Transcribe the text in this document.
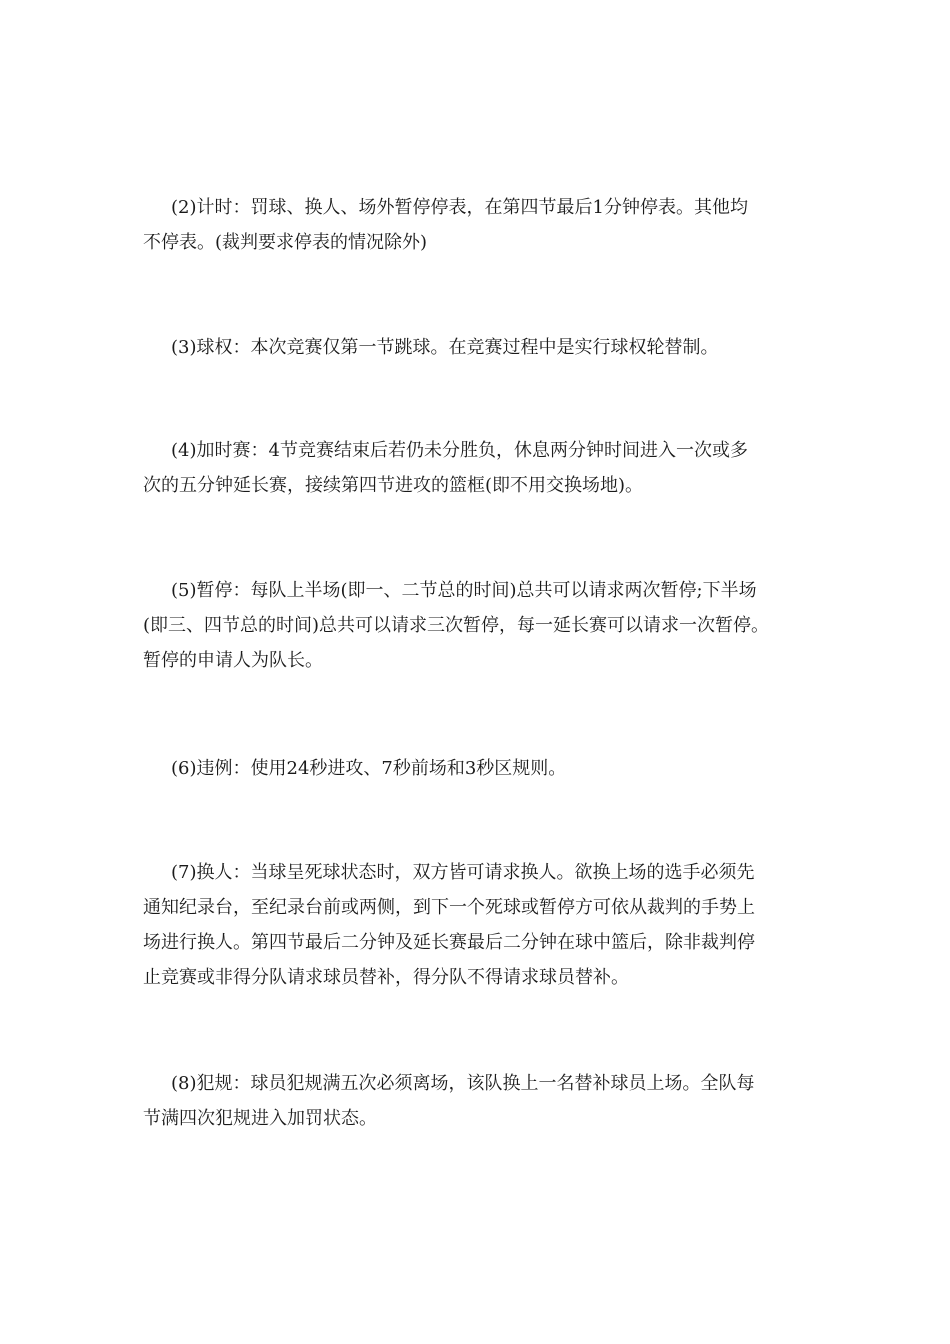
(2)计时：罚球、换人、场外暂停停表，在第四节最后1分钟停表。其他均
不停表。(裁判要求停表的情况除外)
(3)球权：本次竞赛仅第一节跳球。在竞赛过程中是实行球权轮替制。
(4)加时赛：4节竞赛结束后若仍未分胜负，休息两分钟时间进入一次或多
次的五分钟延长赛，接续第四节进攻的篮框(即不用交换场地)。
(5)暂停：每队上半场(即一、二节总的时间)总共可以请求两次暂停;下半场
(即三、四节总的时间)总共可以请求三次暂停，每一延长赛可以请求一次暂停。
暂停的申请人为队长。
(6)违例：使用24秒进攻、7秒前场和3秒区规则。
(7)换人：当球呈死球状态时，双方皆可请求换人。欲换上场的选手必须先
通知纪录台，至纪录台前或两侧，到下一个死球或暂停方可依从裁判的手势上
场进行换人。第四节最后二分钟及延长赛最后二分钟在球中篮后，除非裁判停
止竞赛或非得分队请求球员替补，得分队不得请求球员替补。
(8)犯规：球员犯规满五次必须离场，该队换上一名替补球员上场。全队每
节满四次犯规进入加罚状态。
